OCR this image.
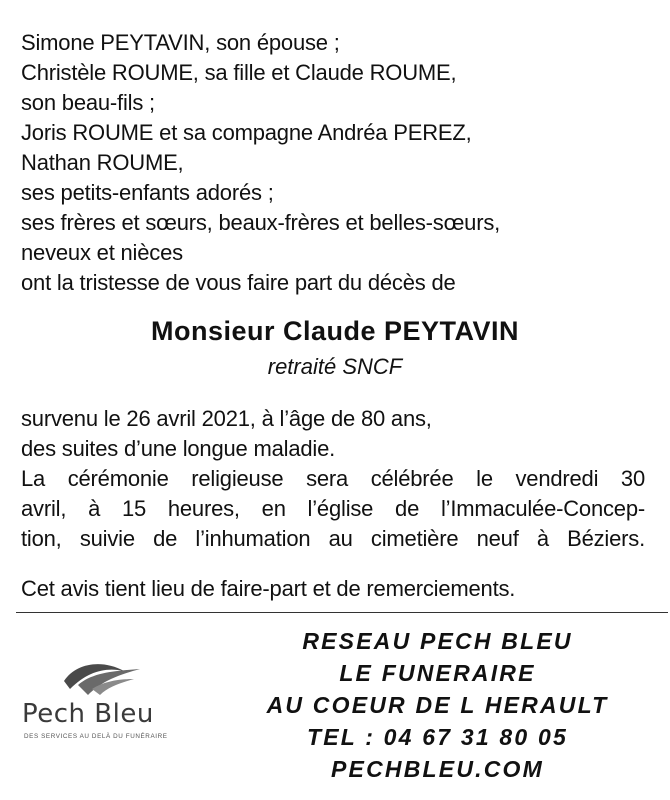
Simone PEYTAVIN, son épouse ;
Christèle ROUME, sa fille et Claude ROUME,
son beau-fils ;
Joris ROUME et sa compagne Andréa PEREZ,
Nathan ROUME,
ses petits-enfants adorés ;
ses frères et sœurs, beaux-frères et belles-sœurs,
neveux et nièces
ont la tristesse de vous faire part du décès de
Monsieur Claude PEYTAVIN
retraité SNCF
survenu le 26 avril 2021, à l’âge de 80 ans,
des suites d’une longue maladie.
La cérémonie religieuse sera célébrée le vendredi 30
avril, à 15 heures, en l’église de l’Immaculée-Concep-
tion, suivie de l’inhumation au cimetière neuf à Béziers.
Cet avis tient lieu de faire-part et de remerciements.
Pech Bleu
DES SERVICES AU DELÀ DU FUNÉRAIRE
RESEAU PECH BLEU
LE FUNERAIRE
AU COEUR DE L HERAULT
TEL : 04 67 31 80 05
PECHBLEU.COM
